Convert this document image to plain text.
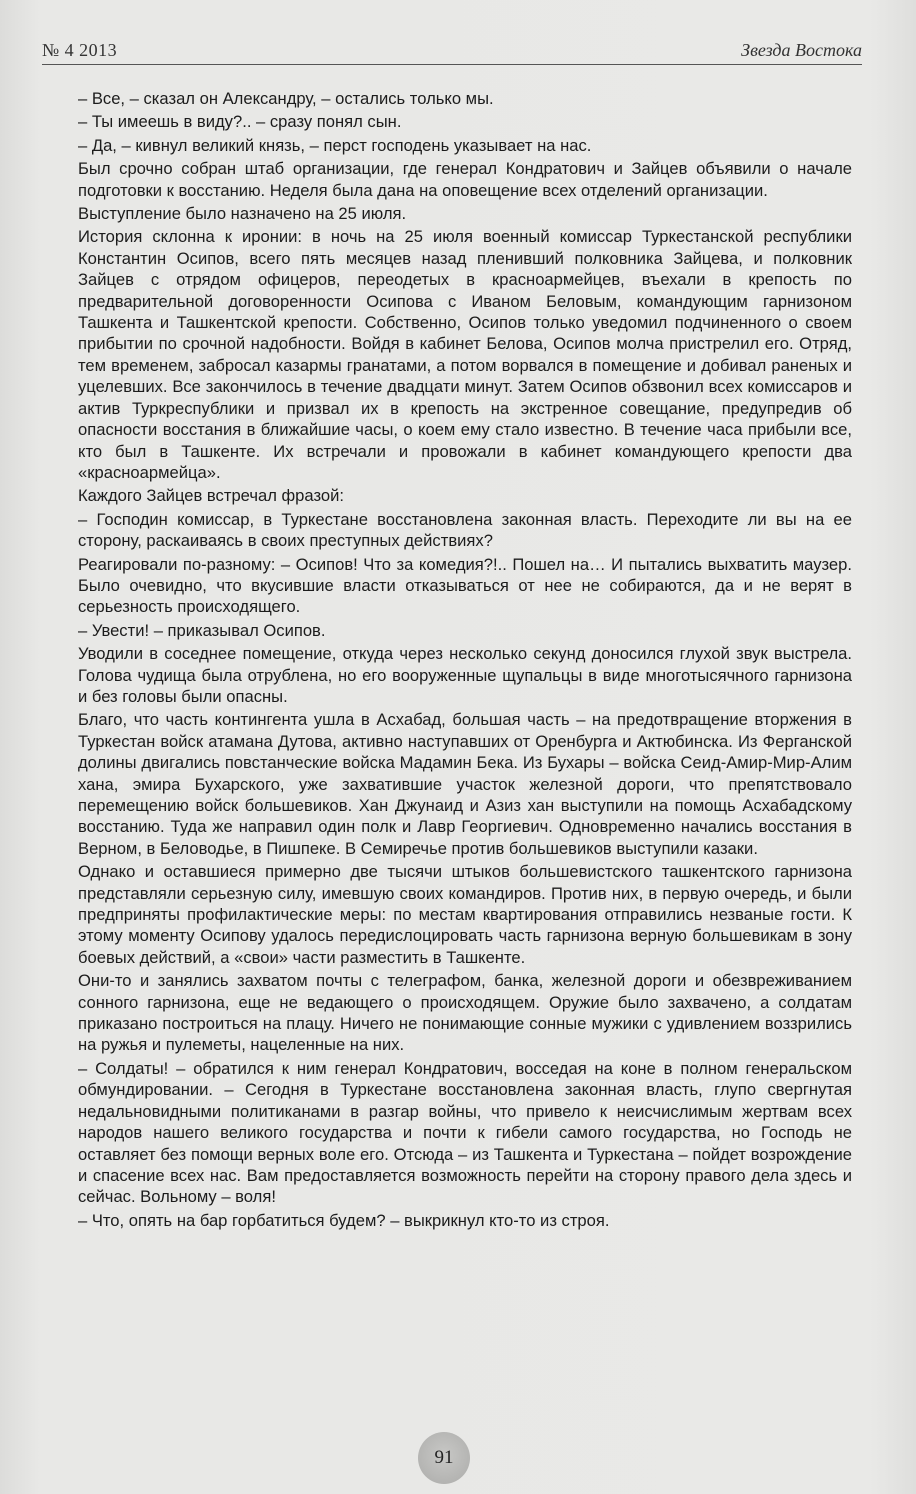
№ 4 2013	Звезда Востока

– Все, – сказал он Александру, – остались только мы.

– Ты имеешь в виду?.. – сразу понял сын.

– Да, – кивнул великий князь, – перст господень указывает на нас.

Был срочно собран штаб организации, где генерал Кондратович и Зайцев объявили о начале подготовки к восстанию. Неделя была дана на оповещение всех отделений организации.

Выступление было назначено на 25 июля.

История склонна к иронии: в ночь на 25 июля военный комиссар Туркестанской республики Константин Осипов, всего пять месяцев назад пленивший полковника Зайцева, и полковник Зайцев с отрядом офицеров, переодетых в красноармейцев, въехали в крепость по предварительной договоренности Осипова с Иваном Беловым, командующим гарнизоном Ташкента и Ташкентской крепости. Собственно, Осипов только уведомил подчиненного о своем прибытии по срочной надобности. Войдя в кабинет Белова, Осипов молча пристрелил его. Отряд, тем временем, забросал казармы гранатами, а потом ворвался в помещение и добивал раненых и уцелевших. Все закончилось в течение двадцати минут. Затем Осипов обзвонил всех комиссаров и актив Туркреспублики и призвал их в крепость на экстренное совещание, предупредив об опасности восстания в ближайшие часы, о коем ему стало известно. В течение часа прибыли все, кто был в Ташкенте. Их встречали и провожали в кабинет командующего крепости два «красноармейца».

Каждого Зайцев встречал фразой:

– Господин комиссар, в Туркестане восстановлена законная власть. Переходите ли вы на ее сторону, раскаиваясь в своих преступных действиях?

Реагировали по-разному: – Осипов! Что за комедия?!.. Пошел на… И пытались выхватить маузер. Было очевидно, что вкусившие власти отказываться от нее не собираются, да и не верят в серьезность происходящего.

– Увести! – приказывал Осипов.

Уводили в соседнее помещение, откуда через несколько секунд доносился глухой звук выстрела. Голова чудища была отрублена, но его вооруженные щупальцы в виде многотысячного гарнизона и без головы были опасны.

Благо, что часть контингента ушла в Асхабад, большая часть – на предотвращение вторжения в Туркестан войск атамана Дутова, активно наступавших от Оренбурга и Актюбинска. Из Ферганской долины двигались повстанческие войска Мадамин Бека. Из Бухары – войска Сеид-Амир-Мир-Алим хана, эмира Бухарского, уже захватившие участок железной дороги, что препятствовало перемещению войск большевиков. Хан Джунаид и Азиз хан выступили на помощь Асхабадскому восстанию. Туда же направил один полк и Лавр Георгиевич. Одновременно начались восстания в Верном, в Беловодье, в Пишпеке. В Семиречье против большевиков выступили казаки.

Однако и оставшиеся примерно две тысячи штыков большевистского ташкентского гарнизона представляли серьезную силу, имевшую своих командиров. Против них, в первую очередь, и были предприняты профилактические меры: по местам квартирования отправились незваные гости. К этому моменту Осипову удалось передислоцировать часть гарнизона верную большевикам в зону боевых действий, а «свои» части разместить в Ташкенте.

Они-то и занялись захватом почты с телеграфом, банка, железной дороги и обезвреживанием сонного гарнизона, еще не ведающего о происходящем. Оружие было захвачено, а солдатам приказано построиться на плацу. Ничего не понимающие сонные мужики с удивлением воззрились на ружья и пулеметы, нацеленные на них.

– Солдаты! – обратился к ним генерал Кондратович, восседая на коне в полном генеральском обмундировании. – Сегодня в Туркестане восстановлена законная власть, глупо свергнутая недальновидными политиканами в разгар войны, что привело к неисчислимым жертвам всех народов нашего великого государства и почти к гибели самого государства, но Господь не оставляет без помощи верных воле его. Отсюда – из Ташкента и Туркестана – пойдет возрождение и спасение всех нас. Вам предоставляется возможность перейти на сторону правого дела здесь и сейчас. Вольному – воля!

– Что, опять на бар горбатиться будем? – выкрикнул кто-то из строя.

91
